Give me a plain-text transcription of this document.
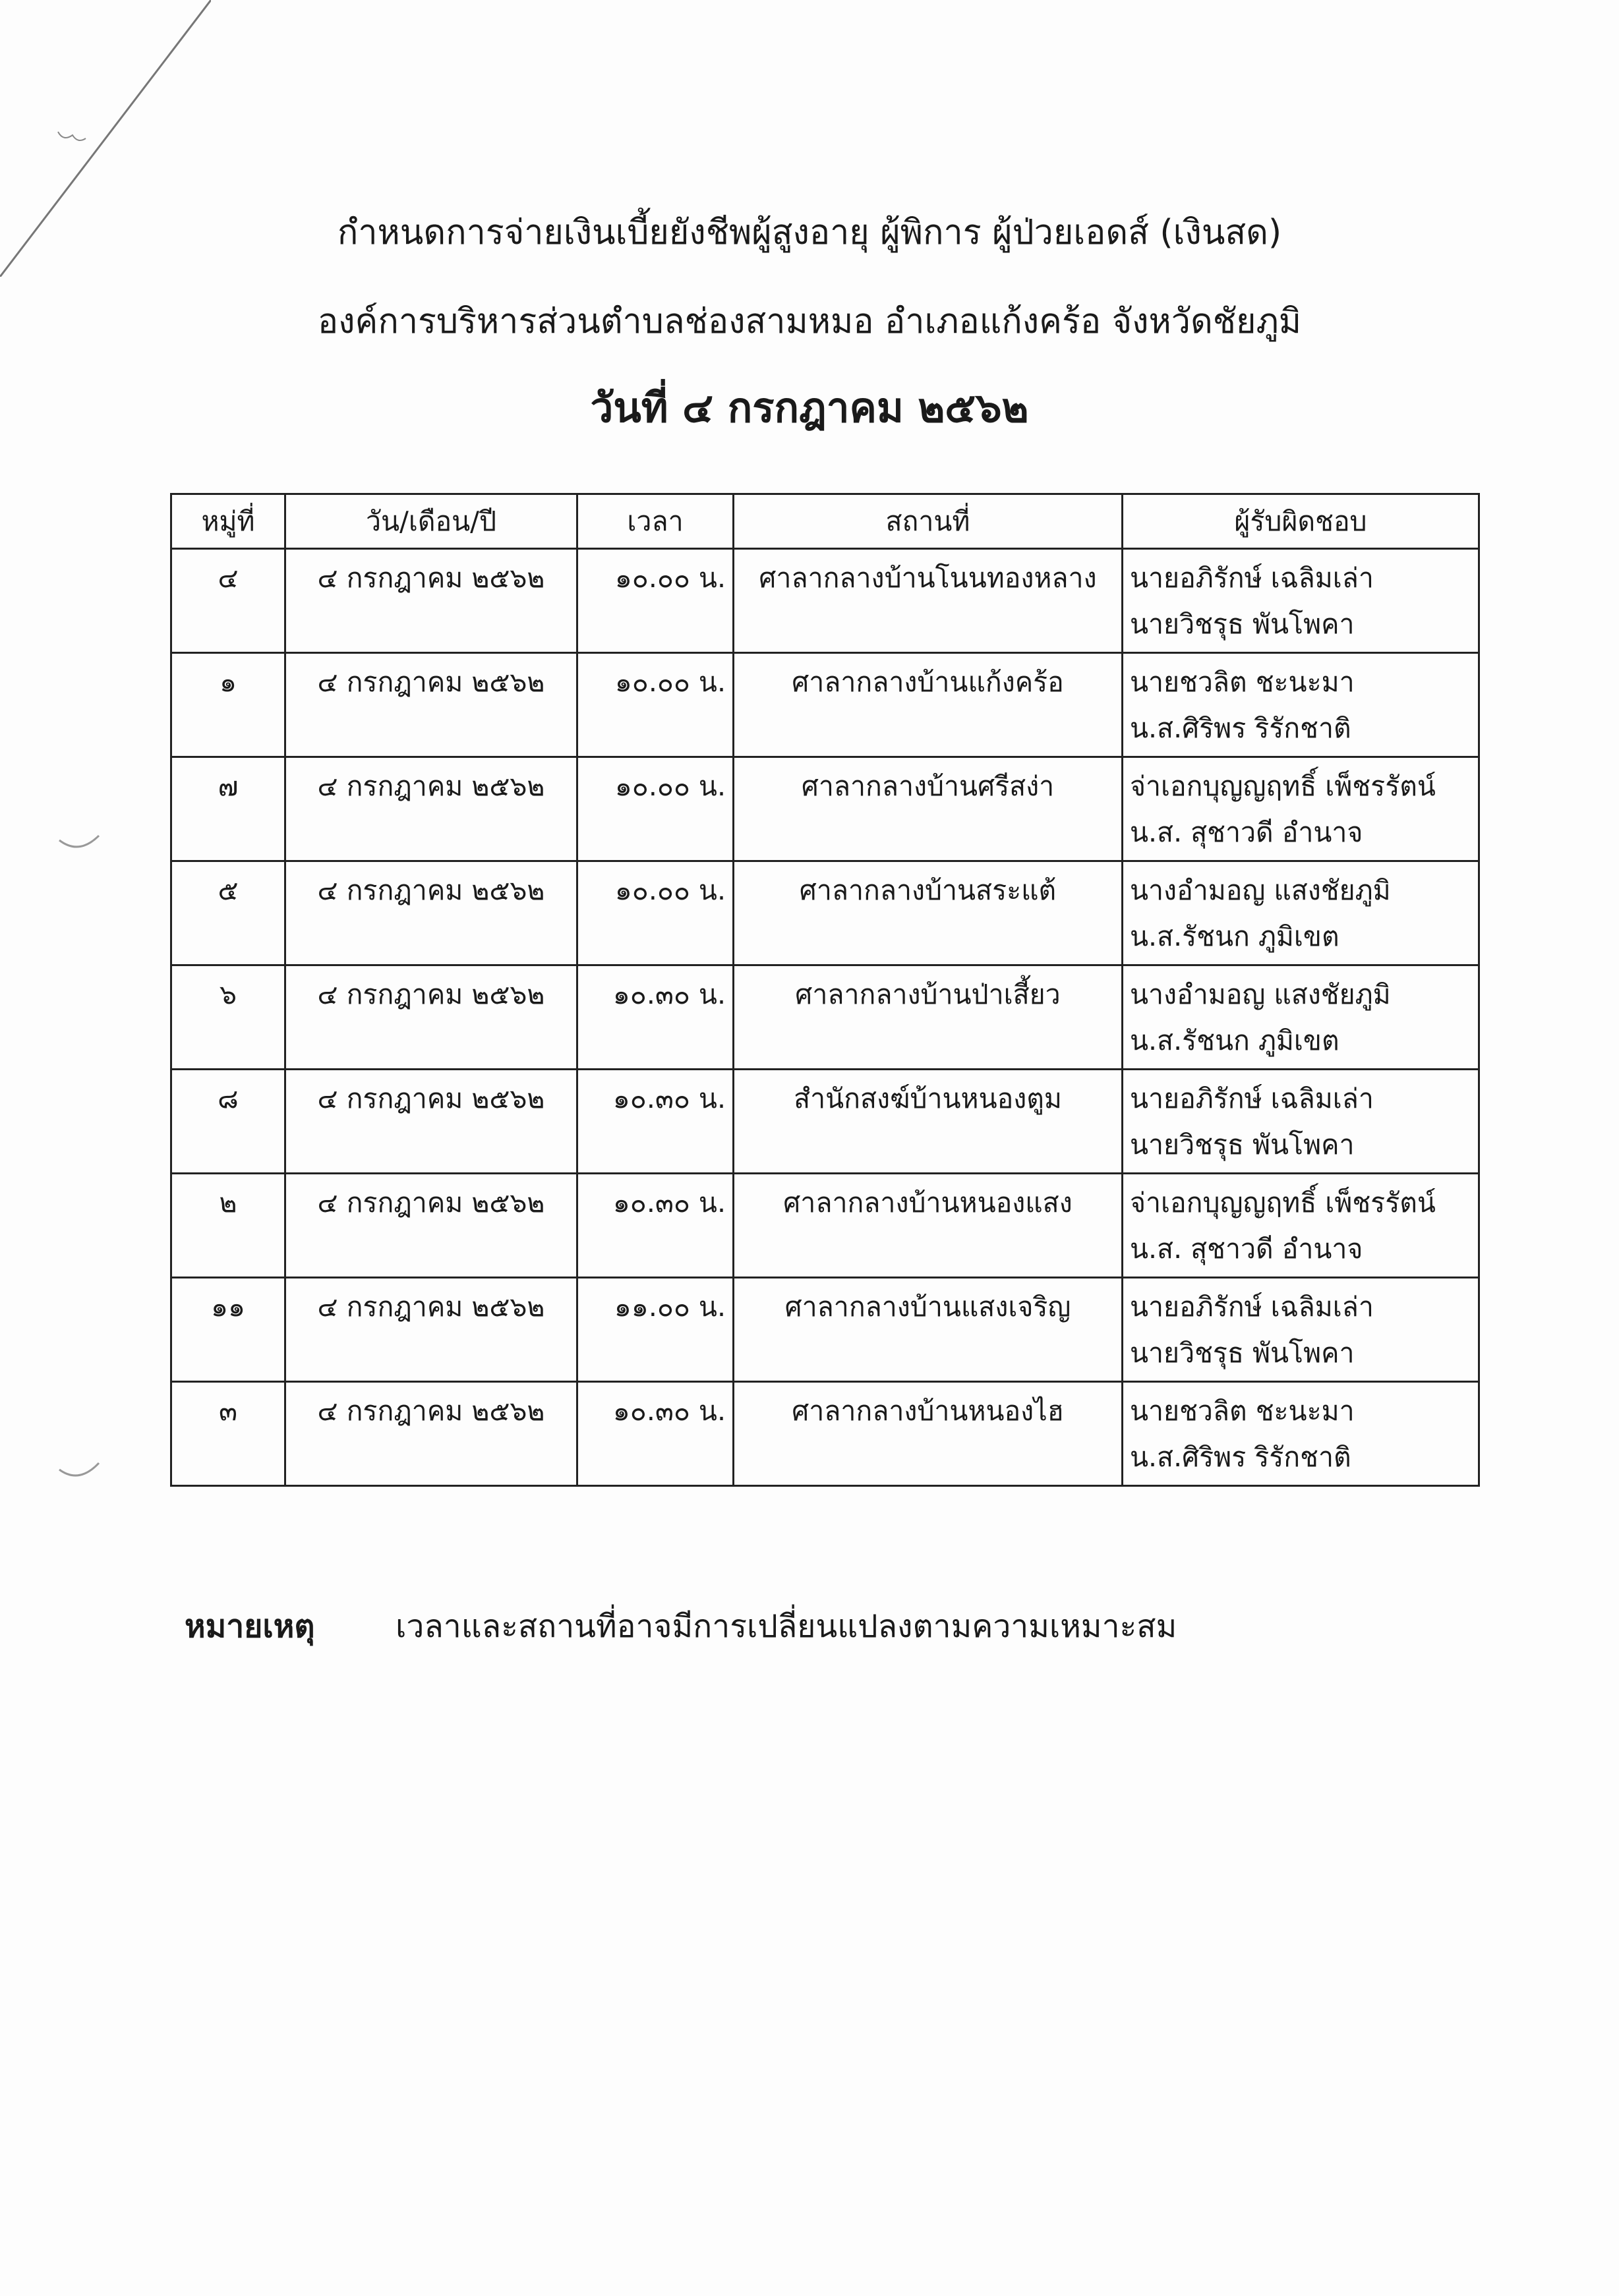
กำหนดการจ่ายเงินเบี้ยยังชีพผู้สูงอายุ ผู้พิการ ผู้ป่วยเอดส์ (เงินสด)
องค์การบริหารส่วนตำบลช่องสามหมอ อำเภอแก้งคร้อ จังหวัดชัยภูมิ
วันที่ ๔ กรกฎาคม ๒๕๖๒
หมู่ที่	วัน/เดือน/ปี	เวลา	สถานที่	ผู้รับผิดชอบ
๔	๔ กรกฎาคม ๒๕๖๒	๑๐.๐๐ น.	ศาลากลางบ้านโนนทองหลาง	นายอภิรักษ์ เฉลิมเล่า
นายวิชรุธ พันโพคา

๑	๔ กรกฎาคม ๒๕๖๒	๑๐.๐๐ น.	ศาลากลางบ้านแก้งคร้อ	นายชวลิต ชะนะมา
น.ส.ศิริพร ริรักชาติ

๗	๔ กรกฎาคม ๒๕๖๒	๑๐.๐๐ น.	ศาลากลางบ้านศรีสง่า	จ่าเอกบุญญฤทธิ์ เพ็ชรรัตน์
น.ส. สุชาวดี อำนาจ

๕	๔ กรกฎาคม ๒๕๖๒	๑๐.๐๐ น.	ศาลากลางบ้านสระแต้	นางอำมอญ แสงชัยภูมิ
น.ส.รัชนก ภูมิเขต

๖	๔ กรกฎาคม ๒๕๖๒	๑๐.๓๐ น.	ศาลากลางบ้านป่าเสี้ยว	นางอำมอญ แสงชัยภูมิ
น.ส.รัชนก ภูมิเขต

๘	๔ กรกฎาคม ๒๕๖๒	๑๐.๓๐ น.	สำนักสงฆ์บ้านหนองตูม	นายอภิรักษ์ เฉลิมเล่า
นายวิชรุธ พันโพคา

๒	๔ กรกฎาคม ๒๕๖๒	๑๐.๓๐ น.	ศาลากลางบ้านหนองแสง	จ่าเอกบุญญฤทธิ์ เพ็ชรรัตน์
น.ส. สุชาวดี อำนาจ

๑๑	๔ กรกฎาคม ๒๕๖๒	๑๑.๐๐ น.	ศาลากลางบ้านแสงเจริญ	นายอภิรักษ์ เฉลิมเล่า
นายวิชรุธ พันโพคา

๓	๔ กรกฎาคม ๒๕๖๒	๑๐.๓๐ น.	ศาลากลางบ้านหนองไฮ	นายชวลิต ชะนะมา
น.ส.ศิริพร ริรักชาติ
หมายเหตุ	เวลาและสถานที่อาจมีการเปลี่ยนแปลงตามความเหมาะสม
